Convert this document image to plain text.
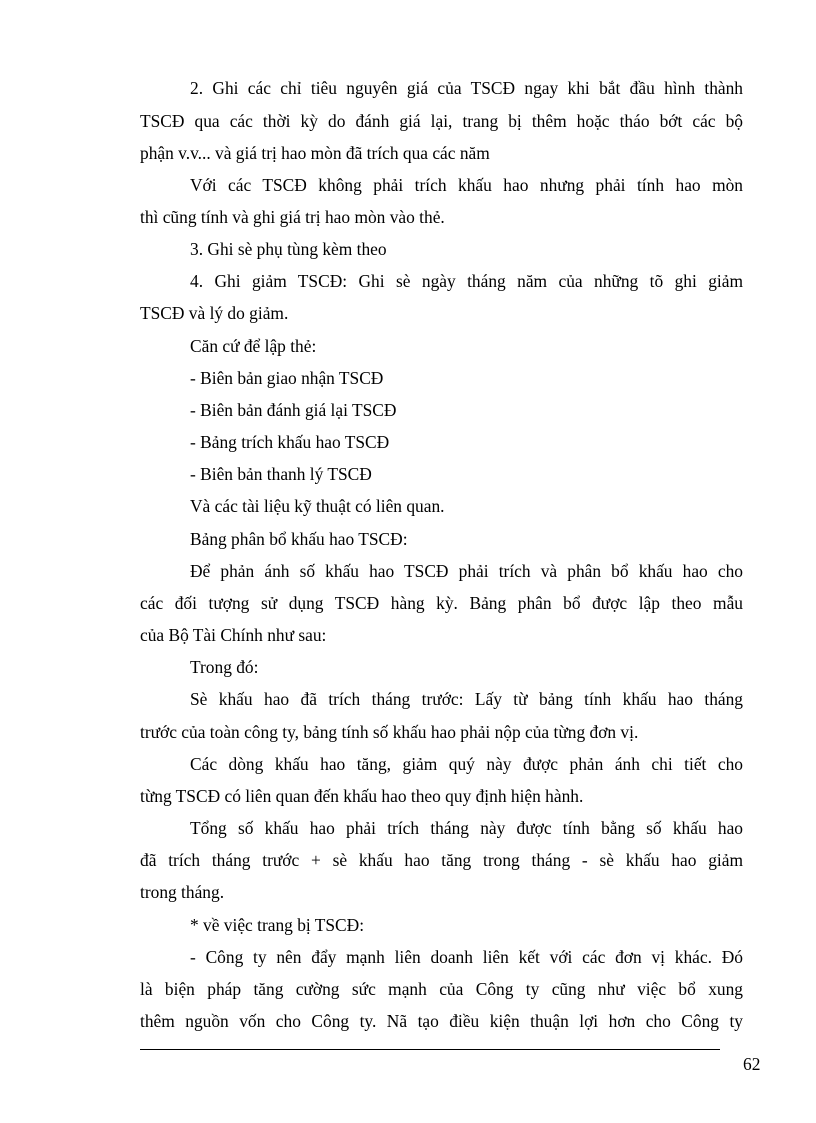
2. Ghi các chỉ tiêu nguyên giá của TSCĐ ngay khi bắt đầu hình thành
TSCĐ qua các thời kỳ do đánh giá lại, trang bị thêm hoặc tháo bớt các bộ
phận v.v... và giá trị hao mòn đã trích qua các năm
Với các TSCĐ không phải trích khấu hao nhưng phải tính hao mòn
thì cũng tính và ghi giá trị hao mòn vào thẻ.
3. Ghi sè phụ tùng kèm theo
4. Ghi giảm TSCĐ: Ghi sè ngày tháng năm của những tõ ghi giảm
TSCĐ và lý do giảm.
Căn cứ để lập thẻ:
- Biên bản giao nhận TSCĐ
- Biên bản đánh giá lại TSCĐ
- Bảng trích khấu hao TSCĐ
- Biên bản thanh lý TSCĐ
Và các tài liệu kỹ thuật có liên quan.
Bảng phân bổ khấu hao TSCĐ:
Để phản ánh số khấu hao TSCĐ phải trích và phân bổ khấu hao cho
các đối tượng sử dụng TSCĐ hàng kỳ. Bảng phân bổ được lập theo mẫu
của Bộ Tài Chính như sau:
Trong đó:
Sè khấu hao đã trích tháng trước: Lấy từ bảng tính khấu hao tháng
trước của toàn công ty, bảng tính số khấu hao phải nộp của từng đơn vị.
Các dòng khấu hao tăng, giảm quý này được phản ánh chi tiết cho
từng TSCĐ có liên quan đến khấu hao theo quy định hiện hành.
Tổng số khấu hao phải trích tháng này được tính bằng số khấu hao
đã trích tháng trước + sè khấu hao tăng trong tháng - sè khấu hao giảm
trong tháng.
* về việc trang bị TSCĐ:
- Công ty nên đẩy mạnh liên doanh liên kết với các đơn vị khác. Đó
là biện pháp tăng cường sức mạnh của Công ty cũng như việc bổ xung
thêm nguồn vốn cho Công ty. Nã tạo điều kiện thuận lợi hơn cho Công ty
62
